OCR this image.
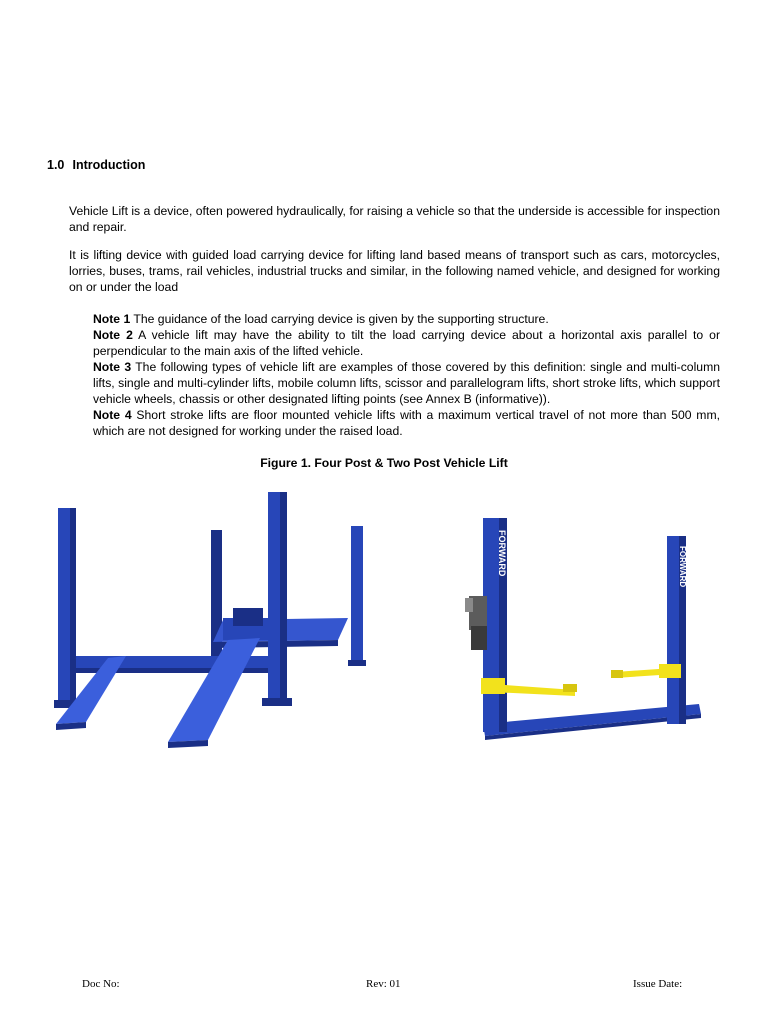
1.0 Introduction

Vehicle Lift is a device, often powered hydraulically, for raising a vehicle so that the underside is accessible for inspection and repair.

It is lifting device with guided load carrying device for lifting land based means of transport such as cars, motorcycles, lorries, buses, trams, rail vehicles, industrial trucks and similar, in the following named vehicle, and designed for working on or under the load

Note 1 The guidance of the load carrying device is given by the supporting structure.

Note 2 A vehicle lift may have the ability to tilt the load carrying device about a horizontal axis parallel to or perpendicular to the main axis of the lifted vehicle.

Note 3 The following types of vehicle lift are examples of those covered by this definition: single and multi-column lifts, single and multi-cylinder lifts, mobile column lifts, scissor and parallelogram lifts, short stroke lifts, which support vehicle wheels, chassis or other designated lifting points (see Annex B (informative)).

Note 4 Short stroke lifts are floor mounted vehicle lifts with a maximum vertical travel of not more than 500 mm, which are not designed for working under the raised load.

Figure 1. Four Post & Two Post Vehicle Lift
FORWARD	FORWARD
Doc No:	Rev: 01	Issue Date:
